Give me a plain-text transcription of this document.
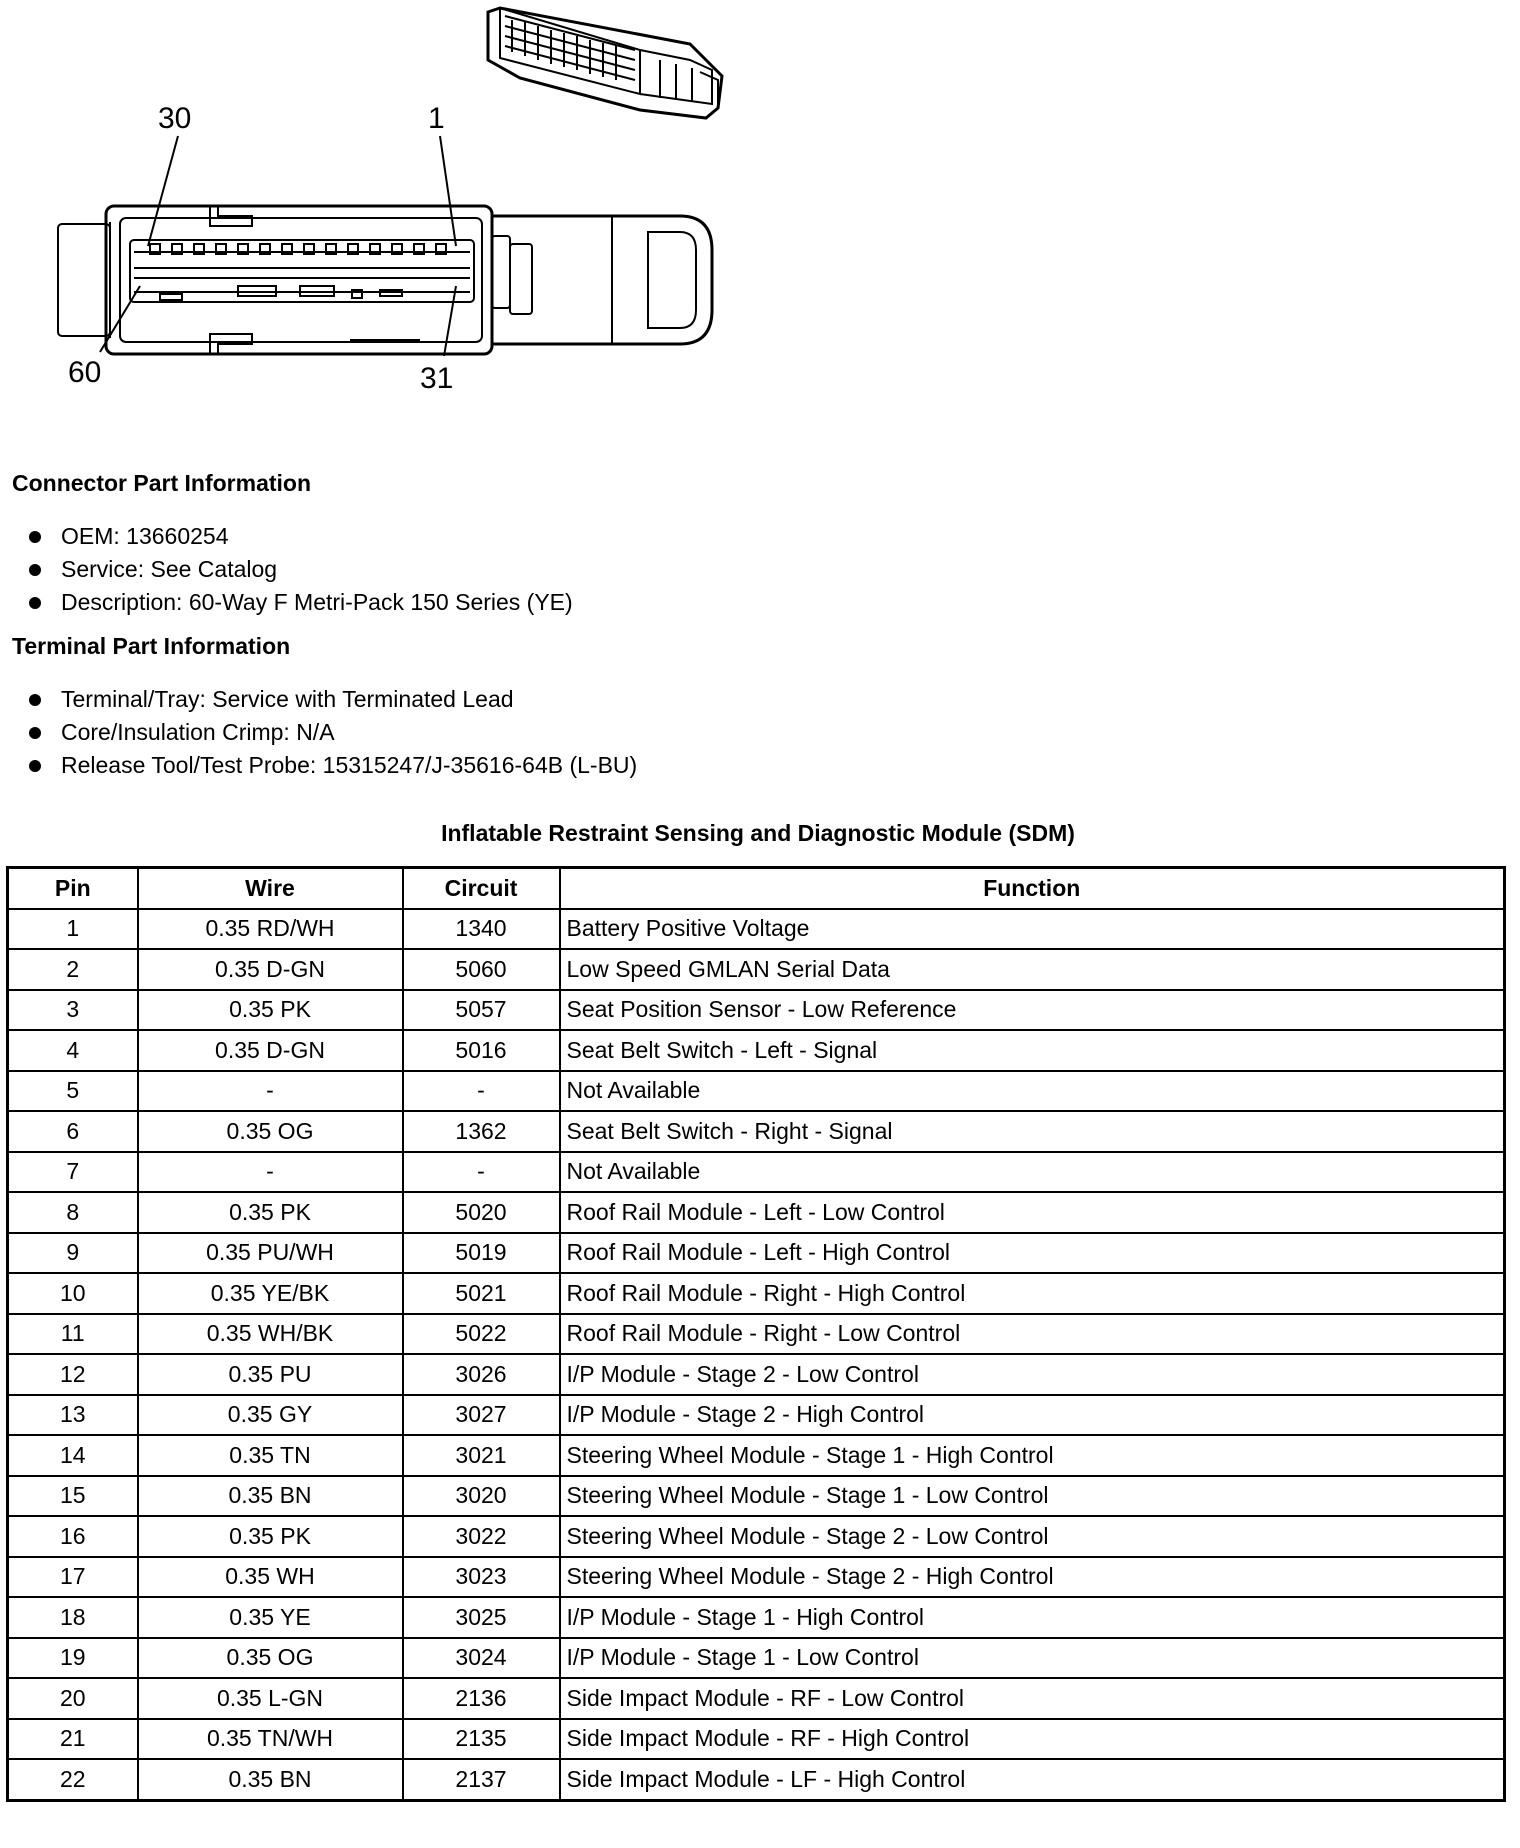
30	1
60	31
Connector Part Information
OEM: 13660254
Service: See Catalog
Description: 60-Way F Metri-Pack 150 Series (YE)
Terminal Part Information
Terminal/Tray: Service with Terminated Lead
Core/Insulation Crimp: N/A
Release Tool/Test Probe: 15315247/J-35616-64B (L-BU)
Inflatable Restraint Sensing and Diagnostic Module (SDM)
Pin	Wire	Circuit	Function
1	0.35 RD/WH	1340	Battery Positive Voltage
2	0.35 D-GN	5060	Low Speed GMLAN Serial Data
3	0.35 PK	5057	Seat Position Sensor - Low Reference
4	0.35 D-GN	5016	Seat Belt Switch - Left - Signal
5	-	-	Not Available
6	0.35 OG	1362	Seat Belt Switch - Right - Signal
7	-	-	Not Available
8	0.35 PK	5020	Roof Rail Module - Left - Low Control
9	0.35 PU/WH	5019	Roof Rail Module - Left - High Control
10	0.35 YE/BK	5021	Roof Rail Module - Right - High Control
11	0.35 WH/BK	5022	Roof Rail Module - Right - Low Control
12	0.35 PU	3026	I/P Module - Stage 2 - Low Control
13	0.35 GY	3027	I/P Module - Stage 2 - High Control
14	0.35 TN	3021	Steering Wheel Module - Stage 1 - High Control
15	0.35 BN	3020	Steering Wheel Module - Stage 1 - Low Control
16	0.35 PK	3022	Steering Wheel Module - Stage 2 - Low Control
17	0.35 WH	3023	Steering Wheel Module - Stage 2 - High Control
18	0.35 YE	3025	I/P Module - Stage 1 - High Control
19	0.35 OG	3024	I/P Module - Stage 1 - Low Control
20	0.35 L-GN	2136	Side Impact Module - RF - Low Control
21	0.35 TN/WH	2135	Side Impact Module - RF - High Control
22	0.35 BN	2137	Side Impact Module - LF - High Control
